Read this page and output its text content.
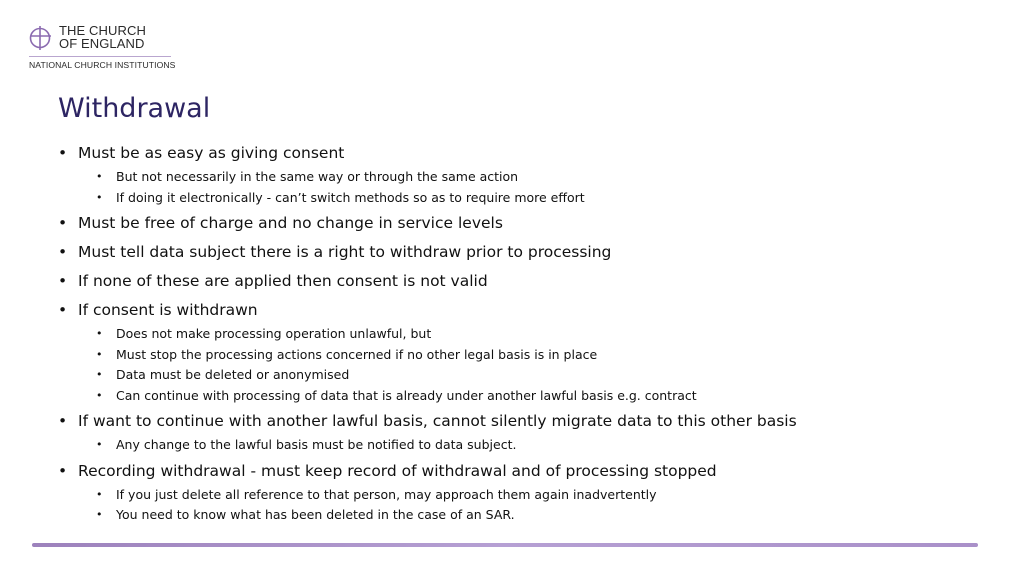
THE CHURCH
OF ENGLAND
NATIONAL CHURCH INSTITUTIONS
Withdrawal
• Must be as easy as giving consent
• But not necessarily in the same way or through the same action
• If doing it electronically - can’t switch methods so as to require more effort
• Must be free of charge and no change in service levels
• Must tell data subject there is a right to withdraw prior to processing
• If none of these are applied then consent is not valid
• If consent is withdrawn
• Does not make processing operation unlawful, but
• Must stop the processing actions concerned if no other legal basis is in place
• Data must be deleted or anonymised
• Can continue with processing of data that is already under another lawful basis e.g. contract
• If want to continue with another lawful basis, cannot silently migrate data to this other basis
• Any change to the lawful basis must be notified to data subject.
• Recording withdrawal - must keep record of withdrawal and of processing stopped
• If you just delete all reference to that person, may approach them again inadvertently
• You need to know what has been deleted in the case of an SAR.
